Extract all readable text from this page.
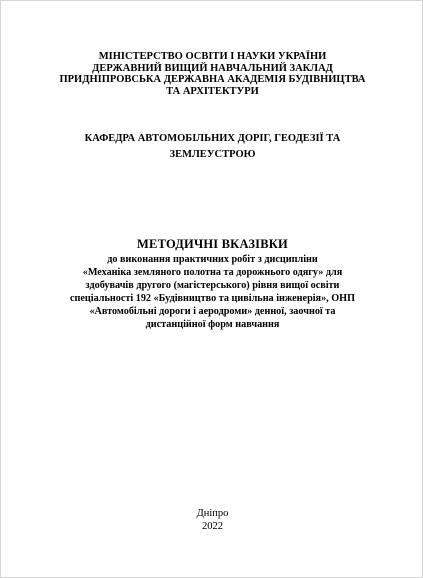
МІНІСТЕРСТВО ОСВІТИ І НАУКИ УКРАЇНИ
ДЕРЖАВНИЙ ВИЩИЙ НАВЧАЛЬНИЙ ЗАКЛАД
ПРИДНІПРОВСЬКА ДЕРЖАВНА АКАДЕМІЯ БУДІВНИЦТВА
ТА АРХІТЕКТУРИ
КАФЕДРА АВТОМОБІЛЬНИХ ДОРІГ, ГЕОДЕЗІЇ ТА
ЗЕМЛЕУСТРОЮ
МЕТОДИЧНІ ВКАЗІВКИ
до виконання практичних робіт з дисципліни
«Механіка земляного полотна та дорожнього одягу» для
здобувачів другого (магістерського) рівня вищої освіти
спеціальності 192 «Будівництво та цивільна інженерія», ОНП
«Автомобільні дороги і аеродроми» денної, заочної та
дистанційної форм навчання
Дніпро
2022
